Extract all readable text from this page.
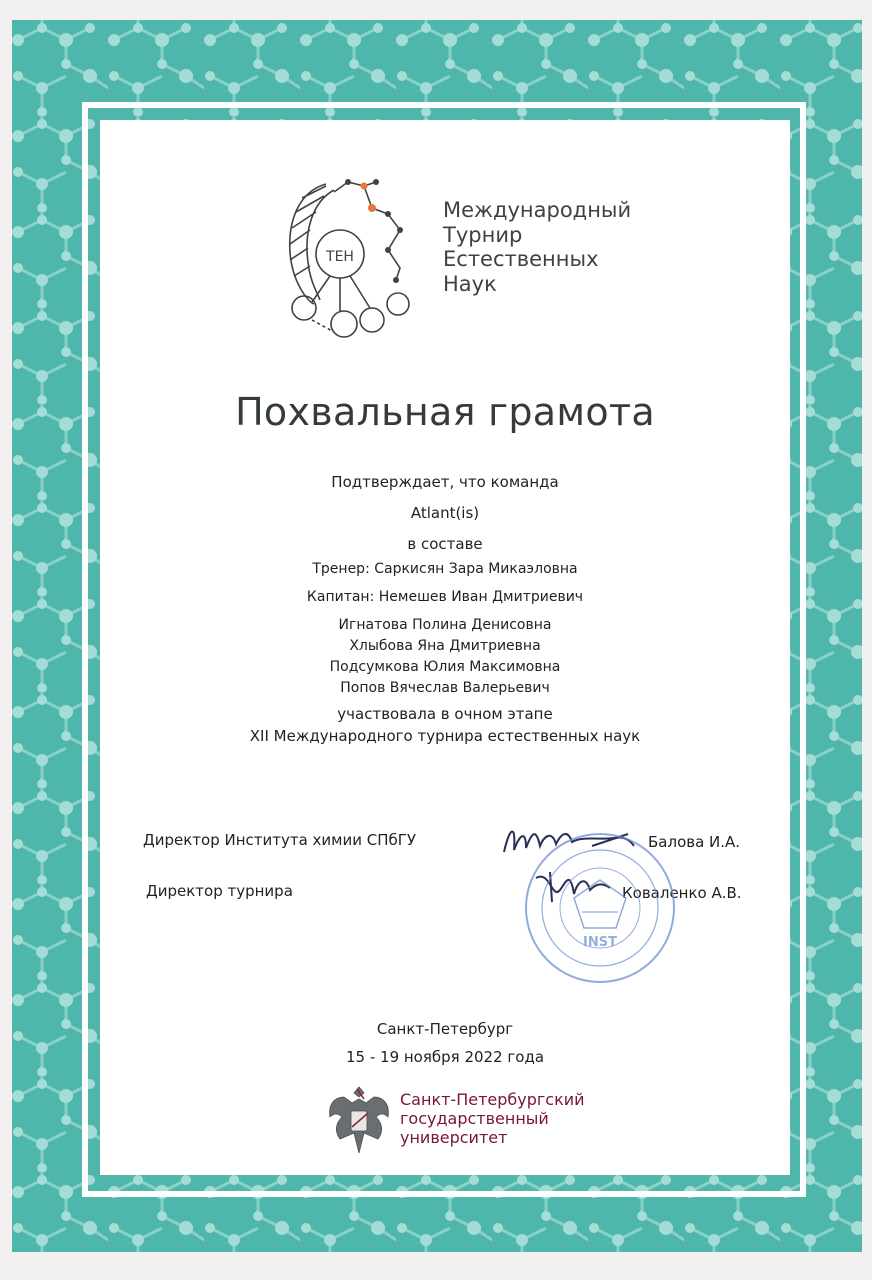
ТЕН
Международный
Турнир
Естественных
Наук
Похвальная грамота
Подтверждает, что команда
Atlant(is)
в составе
Тренер: Саркисян Зара Микаэловна
Капитан: Немешев Иван Дмитриевич
Игнатова Полина Денисовна
Хлыбова Яна Дмитриевна
Подсумкова Юлия Максимовна
Попов Вячеслав Валерьевич
участвовала в очном этапе
XII Международного турнира естественных наук
Директор Института химии СПбГУ	Балова И.А.
Директор турнира	Коваленко А.В.
INST
Санкт-Петербург
15 - 19 ноября 2022 года
Санкт-Петербургский
государственный
университет
